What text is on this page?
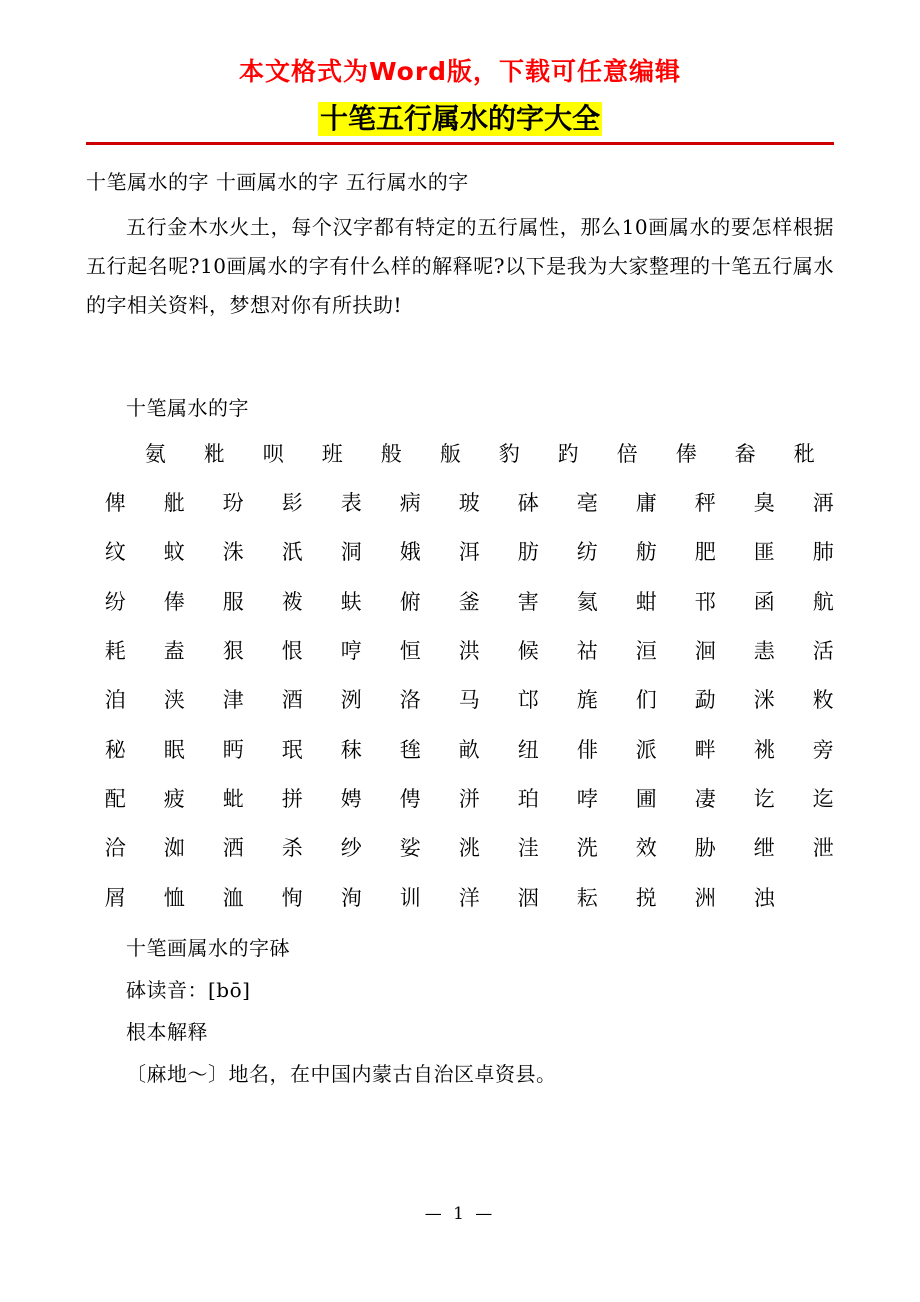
本文格式为Word版，下载可任意编辑
十笔五行属水的字大全
十笔属水的字 十画属水的字 五行属水的字

五行金木水火土，每个汉字都有特定的五行属性，那么10画属水的要怎样根据五行起名呢?10画属水的字有什么样的解释呢?以下是我为大家整理的十笔五行属水的字相关资料，梦想对你有所扶助!

十笔属水的字
氨	粃	呗	班	般	舨	豹	趵	倍	俸	畚	秕
俾	舭	玢	髟	表	病	玻	砵	亳	庸	秤	臭	洅
纹	蚊	洙	汦	洞	娥	洱	肪	纺	舫	肥	匪	肺
纷	俸	服	袯	蚨	俯	釜	害	氦	蚶	邗	函	航
耗	盍	狠	恨	哼	恒	洪	候	祜	洹	洄	恚	活
洎	浃	津	酒	洌	洛	马	邙	旄	们	勐	洣	敉
秘	眠	眄	珉	秣	毪	畝	纽	俳	派	畔	祧	旁
配	疲	蚍	拼	娉	俜	洴	珀	哱	圃	凄	讫	迄
洽	洳	洒	杀	纱	娑	洮	洼	洗	效	胁	绁	泄
屑	恤	洫	恂	洵	训	洋	洇	耘	捝	洲	浊
十笔画属水的字砵
砵读音：[bō]
根本解释
〔麻地～〕地名，在中国内蒙古自治区卓资县。
— 1 —
